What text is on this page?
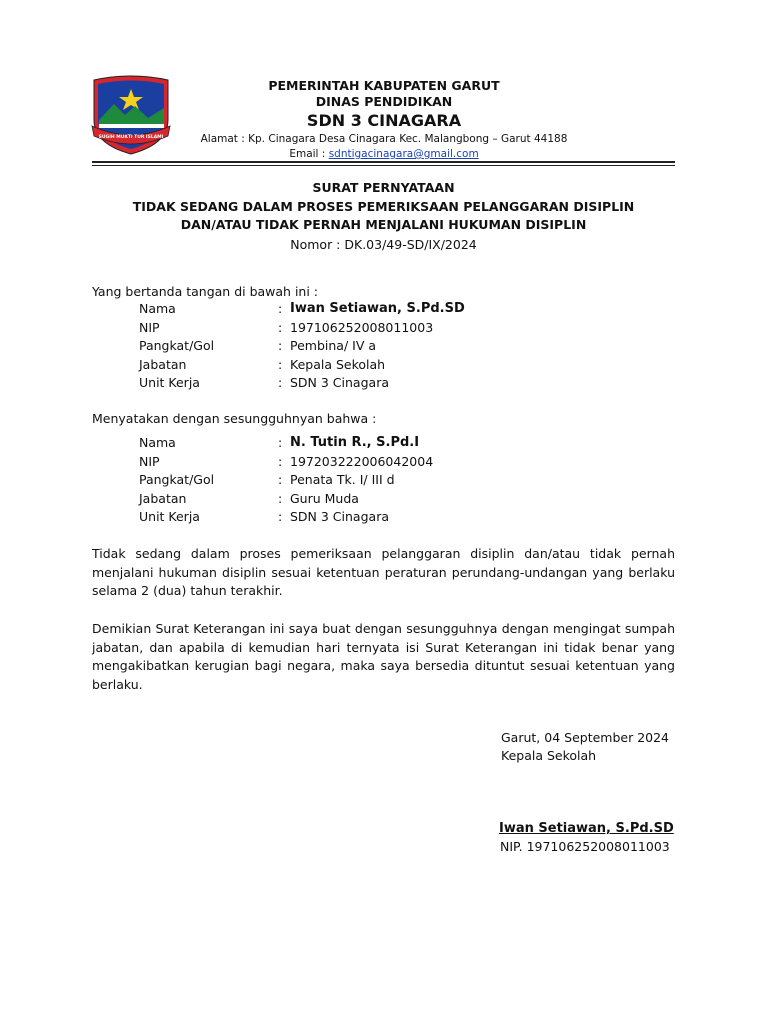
SUGIH MUKTI TUR ISLAMI
PEMERINTAH KABUPATEN GARUT
DINAS PENDIDIKAN
SDN 3 CINAGARA
Alamat : Kp. Cinagara Desa Cinagara Kec. Malangbong – Garut 44188
Email : sdntigacinagara@gmail.com
SURAT PERNYATAAN
TIDAK SEDANG DALAM PROSES PEMERIKSAAN PELANGGARAN DISIPLIN
DAN/ATAU TIDAK PERNAH MENJALANI HUKUMAN DISIPLIN
Nomor : DK.03/49-SD/IX/2024
Yang bertanda tangan di bawah ini :
Nama	: Iwan Setiawan, S.Pd.SD
NIP	: 197106252008011003
Pangkat/Gol	: Pembina/ IV a
Jabatan	: Kepala Sekolah
Unit Kerja	: SDN 3 Cinagara
Menyatakan dengan sesungguhnyan bahwa :
Nama	: N. Tutin R., S.Pd.I
NIP	: 197203222006042004
Pangkat/Gol	: Penata Tk. I/ III d
Jabatan	: Guru Muda
Unit Kerja	: SDN 3 Cinagara
Tidak sedang dalam proses pemeriksaan pelanggaran disiplin dan/atau tidak pernah
menjalani hukuman disiplin sesuai ketentuan peraturan perundang-undangan yang berlaku
selama 2 (dua) tahun terakhir.
Demikian Surat Keterangan ini saya buat dengan sesungguhnya dengan mengingat sumpah
jabatan, dan apabila di kemudian hari ternyata isi Surat Keterangan ini tidak benar yang
mengakibatkan kerugian bagi negara, maka saya bersedia dituntut sesuai ketentuan yang
berlaku.
Garut, 04 September 2024
Kepala Sekolah
Iwan Setiawan, S.Pd.SD
NIP. 197106252008011003
